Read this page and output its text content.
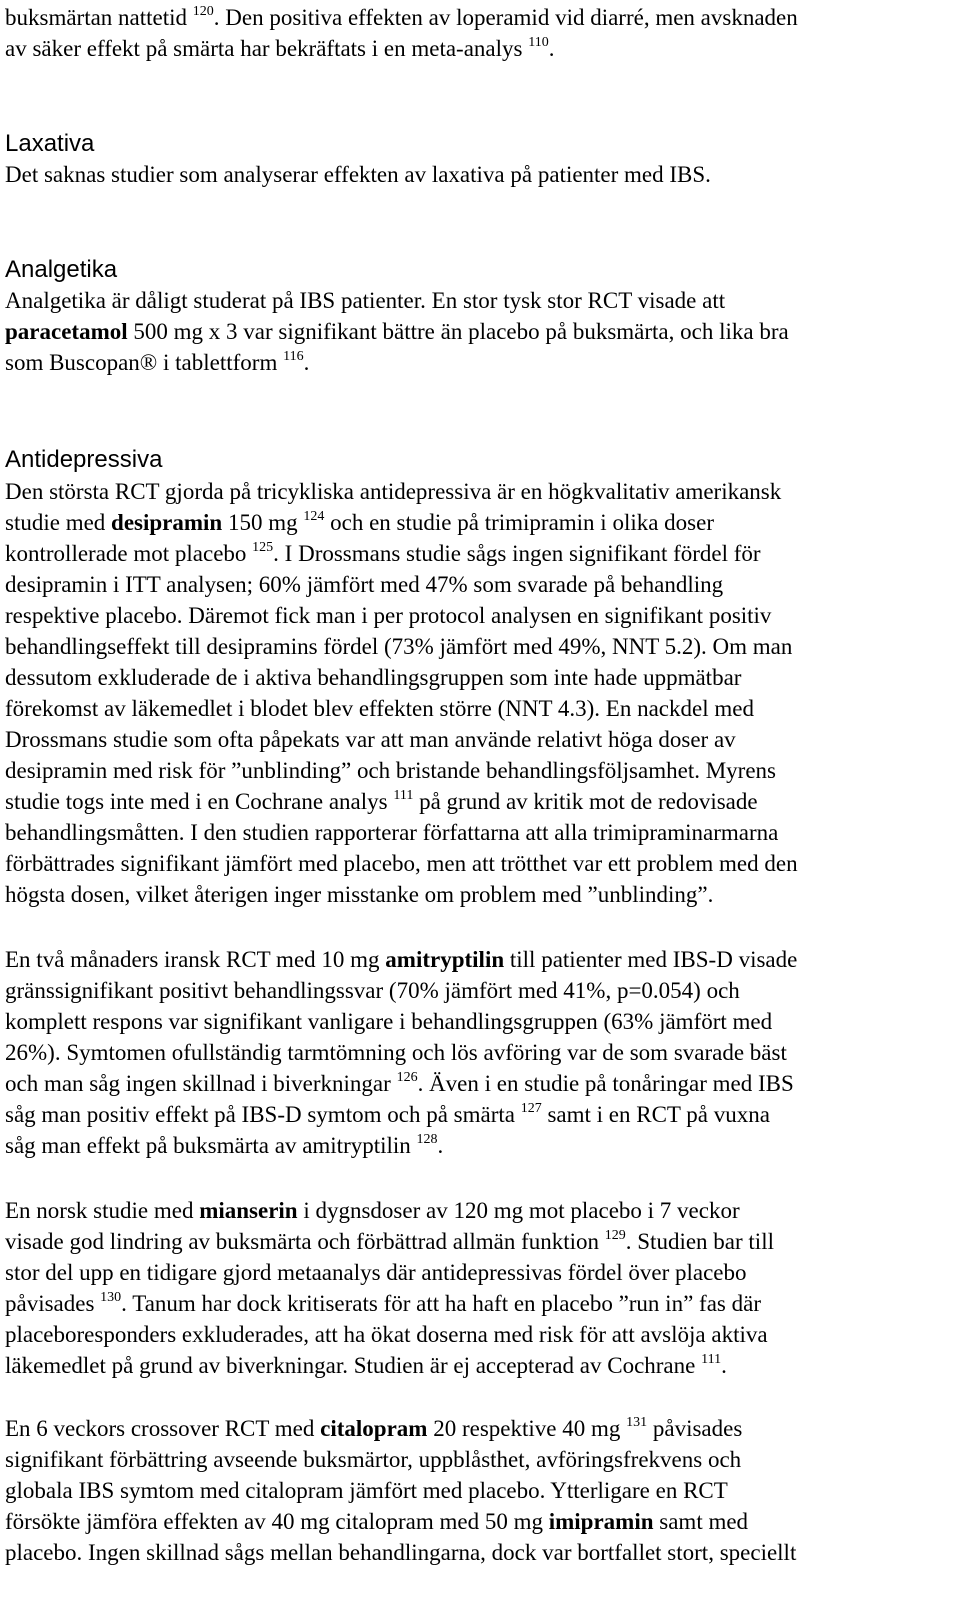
buksmärtan nattetid $^{120}$. Den positiva effekten av loperamid vid diarré, men avsknaden
av säker effekt på smärta har bekräftats i en meta-analys $^{110}$.
Laxativa
Det saknas studier som analyserar effekten av laxativa på patienter med IBS.
Analgetika
Analgetika är dåligt studerat på IBS patienter. En stor tysk stor RCT visade att
paracetamol 500 mg x 3 var signifikant bättre än placebo på buksmärta, och lika bra
som Buscopan® i tablettform $^{116}$.
Antidepressiva
Den största RCT gjorda på tricykliska antidepressiva är en högkvalitativ amerikansk
studie med desipramin 150 mg $^{124}$ och en studie på trimipramin i olika doser
kontrollerade mot placebo $^{125}$. I Drossmans studie sågs ingen signifikant fördel för
desipramin i ITT analysen; 60% jämfört med 47% som svarade på behandling
respektive placebo. Däremot fick man i per protocol analysen en signifikant positiv
behandlingseffekt till desipramins fördel (73% jämfört med 49%, NNT 5.2). Om man
dessutom exkluderade de i aktiva behandlingsgruppen som inte hade uppmätbar
förekomst av läkemedlet i blodet blev effekten större (NNT 4.3). En nackdel med
Drossmans studie som ofta påpekats var att man använde relativt höga doser av
desipramin med risk för ”unblinding” och bristande behandlingsföljsamhet. Myrens
studie togs inte med i en Cochrane analys $^{111}$ på grund av kritik mot de redovisade
behandlingsmåtten. I den studien rapporterar författarna att alla trimipraminarmarna
förbättrades signifikant jämfört med placebo, men att trötthet var ett problem med den
högsta dosen, vilket återigen inger misstanke om problem med ”unblinding”.
En två månaders iransk RCT med 10 mg amitryptilin till patienter med IBS-D visade
gränssignifikant positivt behandlingssvar (70% jämfört med 41%, p=0.054) och
komplett respons var signifikant vanligare i behandlingsgruppen (63% jämfört med
26%). Symtomen ofullständig tarmtömning och lös avföring var de som svarade bäst
och man såg ingen skillnad i biverkningar $^{126}$. Även i en studie på tonåringar med IBS
såg man positiv effekt på IBS-D symtom och på smärta $^{127}$ samt i en RCT på vuxna
såg man effekt på buksmärta av amitryptilin $^{128}$.
En norsk studie med mianserin i dygnsdoser av 120 mg mot placebo i 7 veckor
visade god lindring av buksmärta och förbättrad allmän funktion $^{129}$. Studien bar till
stor del upp en tidigare gjord metaanalys där antidepressivas fördel över placebo
påvisades $^{130}$. Tanum har dock kritiserats för att ha haft en placebo ”run in” fas där
placeboresponders exkluderades, att ha ökat doserna med risk för att avslöja aktiva
läkemedlet på grund av biverkningar. Studien är ej accepterad av Cochrane $^{111}$.
En 6 veckors crossover RCT med citalopram 20 respektive 40 mg $^{131}$ påvisades
signifikant förbättring avseende buksmärtor, uppblåsthet, avföringsfrekvens och
globala IBS symtom med citalopram jämfört med placebo. Ytterligare en RCT
försökte jämföra effekten av 40 mg citalopram med 50 mg imipramin samt med
placebo. Ingen skillnad sågs mellan behandlingarna, dock var bortfallet stort, speciellt
